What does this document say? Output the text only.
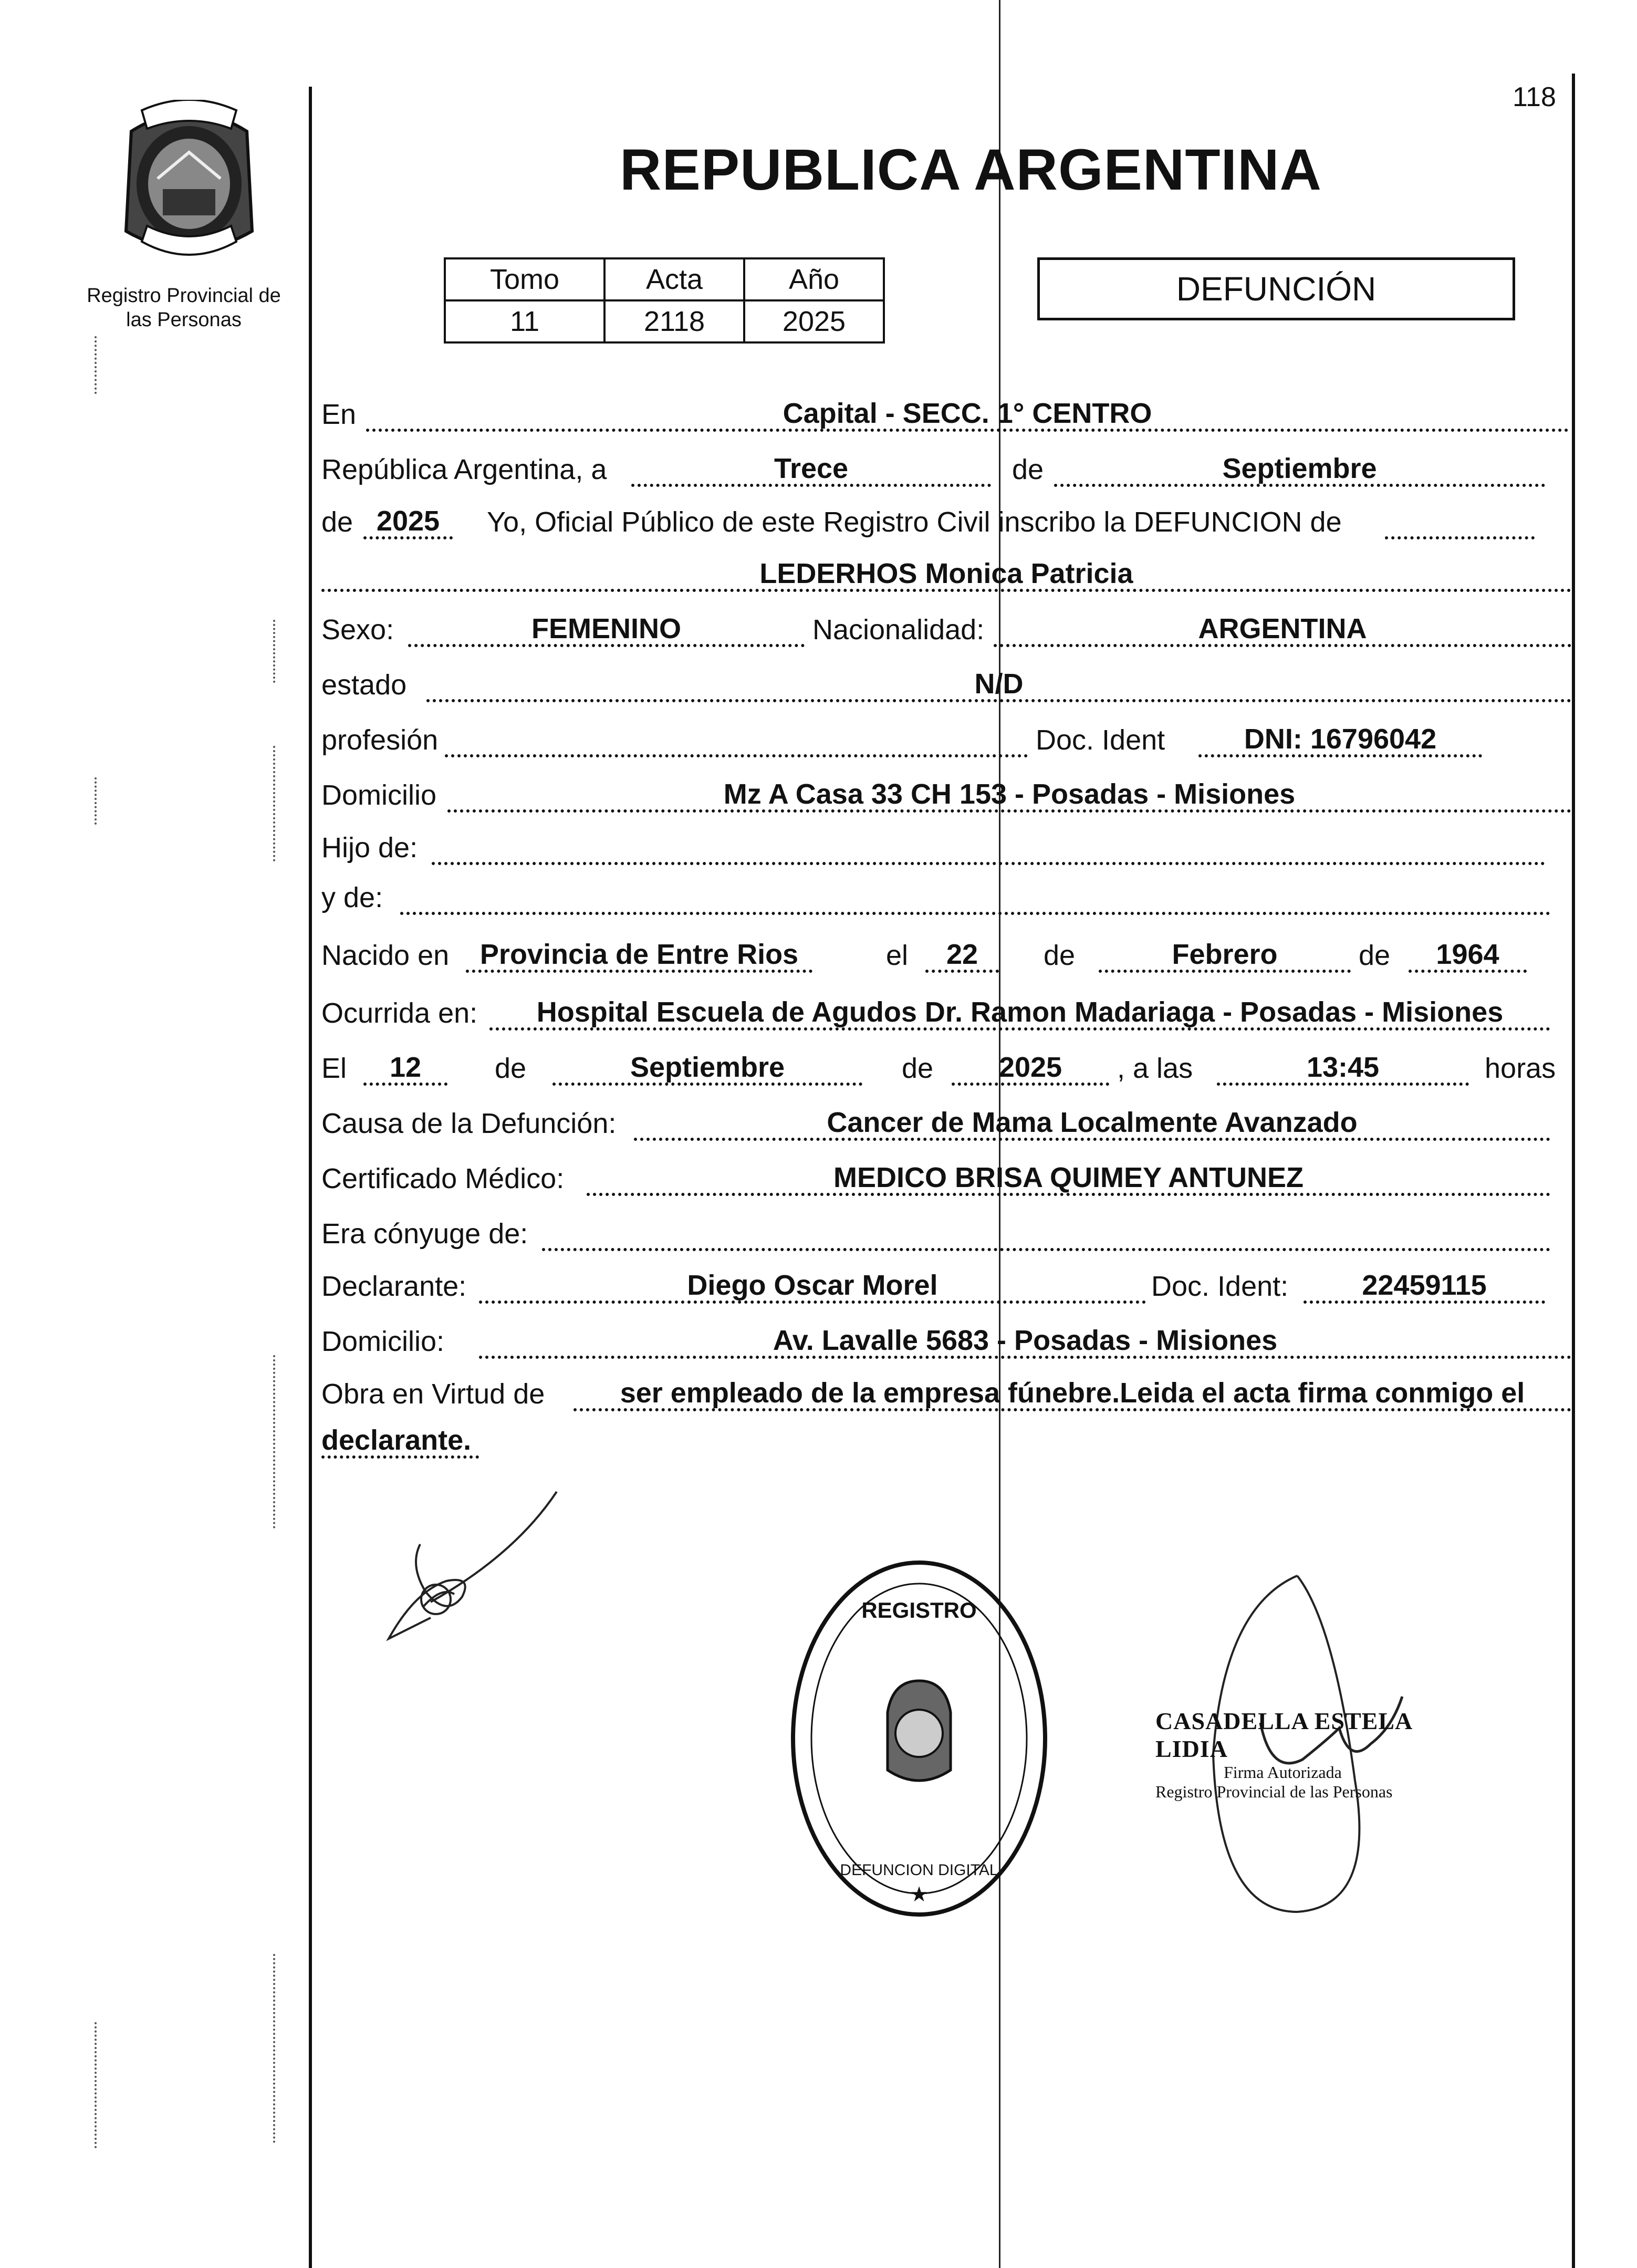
118
Registro Provincial de
las Personas
REPUBLICA ARGENTINA
Tomo	Acta	Año
11	2118	2025
DEFUNCIÓN
En	Capital - SECC. 1° CENTRO
República Argentina, a	Trece	de	Septiembre
de 2025	Yo, Oficial Público de este Registro Civil inscribo la DEFUNCION de
LEDERHOS Monica Patricia
Sexo:	FEMENINO	Nacionalidad:	ARGENTINA
estado	N/D
profesión	Doc. Ident	DNI: 16796042
Domicilio	Mz A Casa 33 CH 153 - Posadas - Misiones
Hijo de:
y de:
Nacido en	Provincia de Entre Rios	el	22	de	Febrero	de	1964
Ocurrida en:	Hospital Escuela de Agudos Dr. Ramon Madariaga - Posadas - Misiones
El	12	de	Septiembre	de	2025	, a las	13:45	horas
Causa de la Defunción:	Cancer de Mama Localmente Avanzado
Certificado Médico:	MEDICO BRISA QUIMEY ANTUNEZ
Era cónyuge de:
Declarante:	Diego Oscar Morel	Doc. Ident:	22459115
Domicilio:	Av. Lavalle 5683 - Posadas - Misiones
Obra en Virtud de	ser empleado de la empresa fúnebre.Leida el acta firma conmigo el
declarante.
REGISTRO
DEFUNCION DIGITAL
★
CASADELLA ESTELA LIDIA
Firma Autorizada
Registro Provincial de las Personas
